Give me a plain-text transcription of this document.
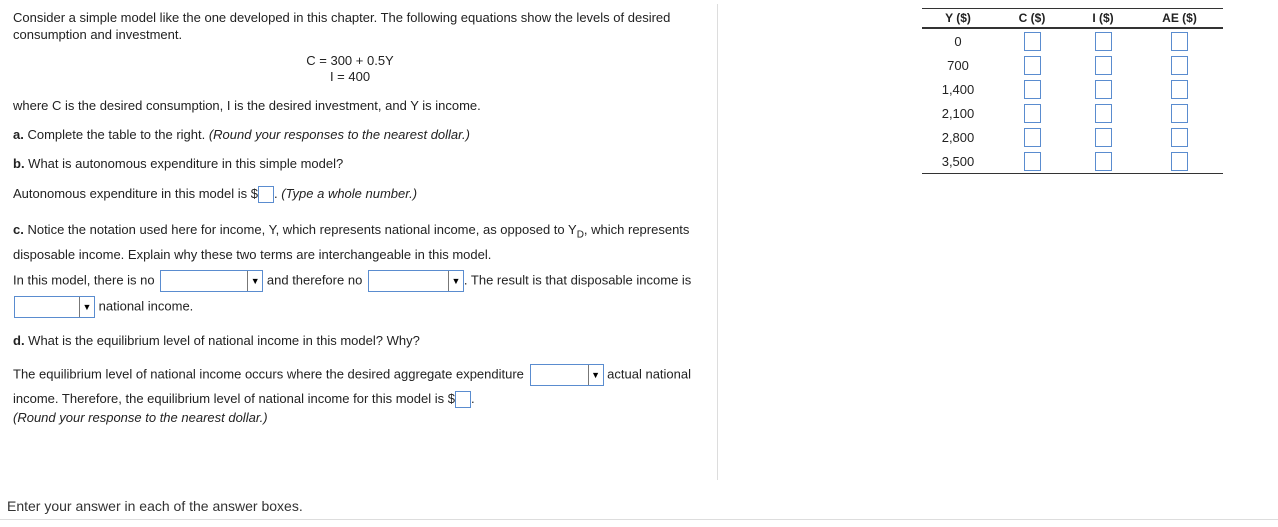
Consider a simple model like the one developed in this chapter. The following equations show the levels of desired consumption and investment.

C = 300 + 0.5Y
I = 400
where C is the desired consumption, I is the desired investment, and Y is income.
a. Complete the table to the right. (Round your responses to the nearest dollar.)
b. What is autonomous expenditure in this simple model?
Autonomous expenditure in this model is $ . (Type a whole number.)
c. Notice the notation used here for income, Y, which represents national income, as opposed to $Y_D$, which represents disposable income. Explain why these two terms are interchangeable in this model.
In this model, there is no	▼ and therefore no	▼ . The result is that disposable income is
▼ national income.
d. What is the equilibrium level of national income in this model? Why?
The equilibrium level of national income occurs where the desired aggregate expenditure	▼ actual national
income. Therefore, the equilibrium level of national income for this model is $ .
(Round your response to the nearest dollar.)
Y ($)	C ($)	I ($)	AE ($)
0			
700			
1,400			
2,100			
2,800			
3,500			
Enter your answer in each of the answer boxes.
